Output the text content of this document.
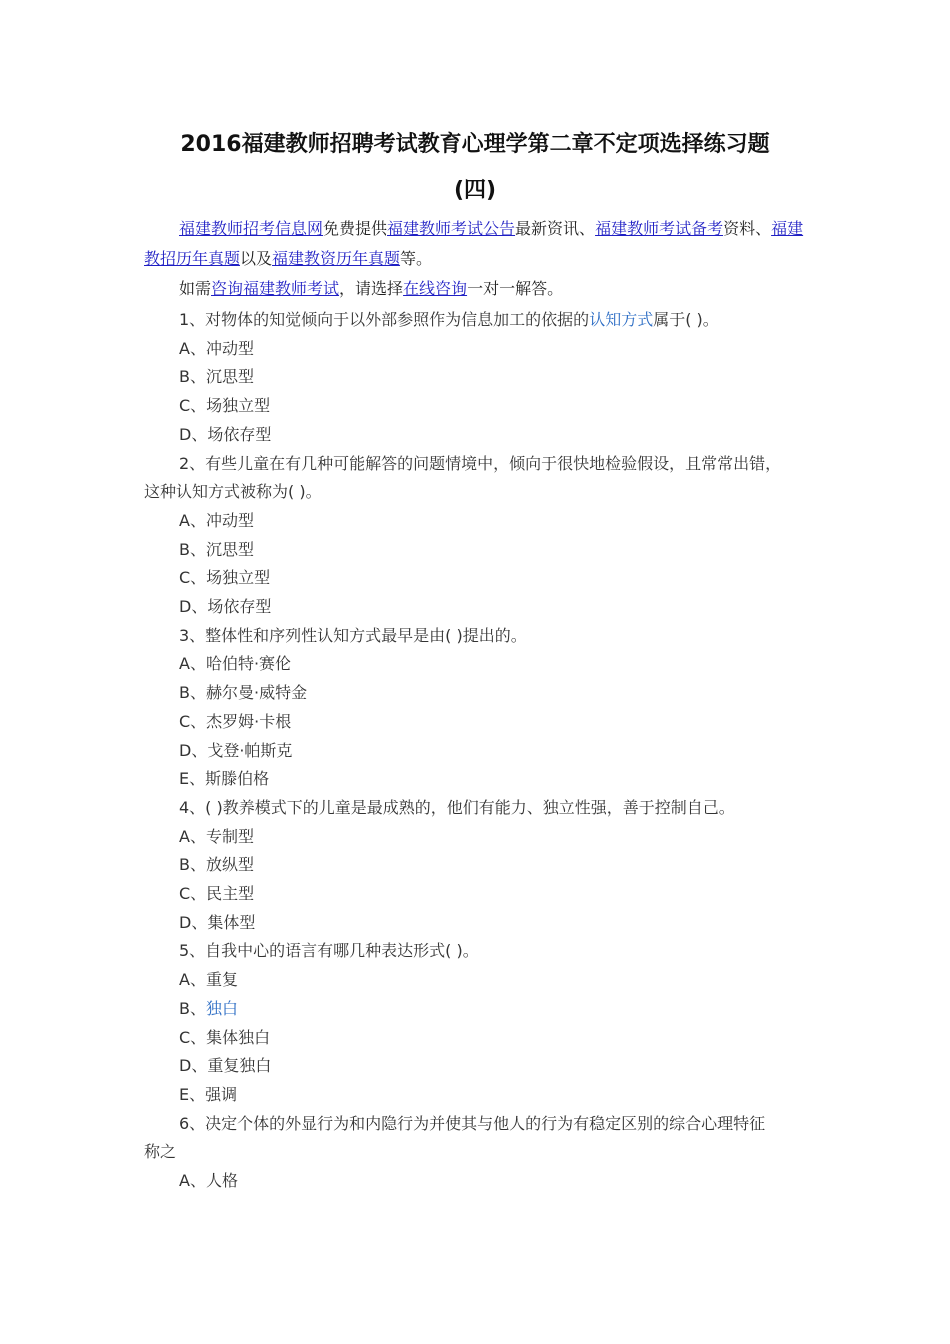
2016福建教师招聘考试教育心理学第二章不定项选择练习题
(四)

福建教师招考信息网免费提供福建教师考试公告最新资讯、福建教师考试备考资料、福建教招历年真题以及福建教资历年真题等。

如需咨询福建教师考试，请选择在线咨询一对一解答。

1、对物体的知觉倾向于以外部参照作为信息加工的依据的认知方式属于( )。

A、冲动型

B、沉思型

C、场独立型

D、场依存型

2、有些儿童在有几种可能解答的问题情境中，倾向于很快地检验假设，且常常出错，

这种认知方式被称为( )。

A、冲动型

B、沉思型

C、场独立型

D、场依存型

3、整体性和序列性认知方式最早是由( )提出的。

A、哈伯特·赛伦

B、赫尔曼·威特金

C、杰罗姆·卡根

D、戈登·帕斯克

E、斯滕伯格

4、( )教养模式下的儿童是最成熟的，他们有能力、独立性强，善于控制自己。

A、专制型

B、放纵型

C、民主型

D、集体型

5、自我中心的语言有哪几种表达形式( )。

A、重复

B、独白

C、集体独白

D、重复独白

E、强调

6、决定个体的外显行为和内隐行为并使其与他人的行为有稳定区别的综合心理特征

称之

A、人格
